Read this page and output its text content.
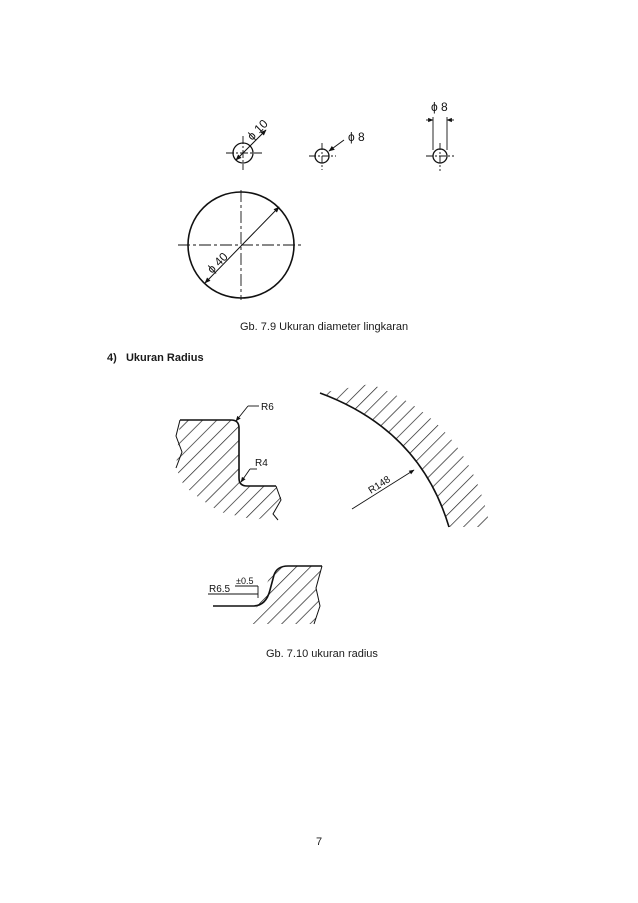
ϕ 10	ϕ 8
ϕ 8
ϕ 40
R6
R4
R148
R6.5
±0.5
Gb. 7.9 Ukuran diameter lingkaran
4)   Ukuran Radius
Gb. 7.10 ukuran radius
7
